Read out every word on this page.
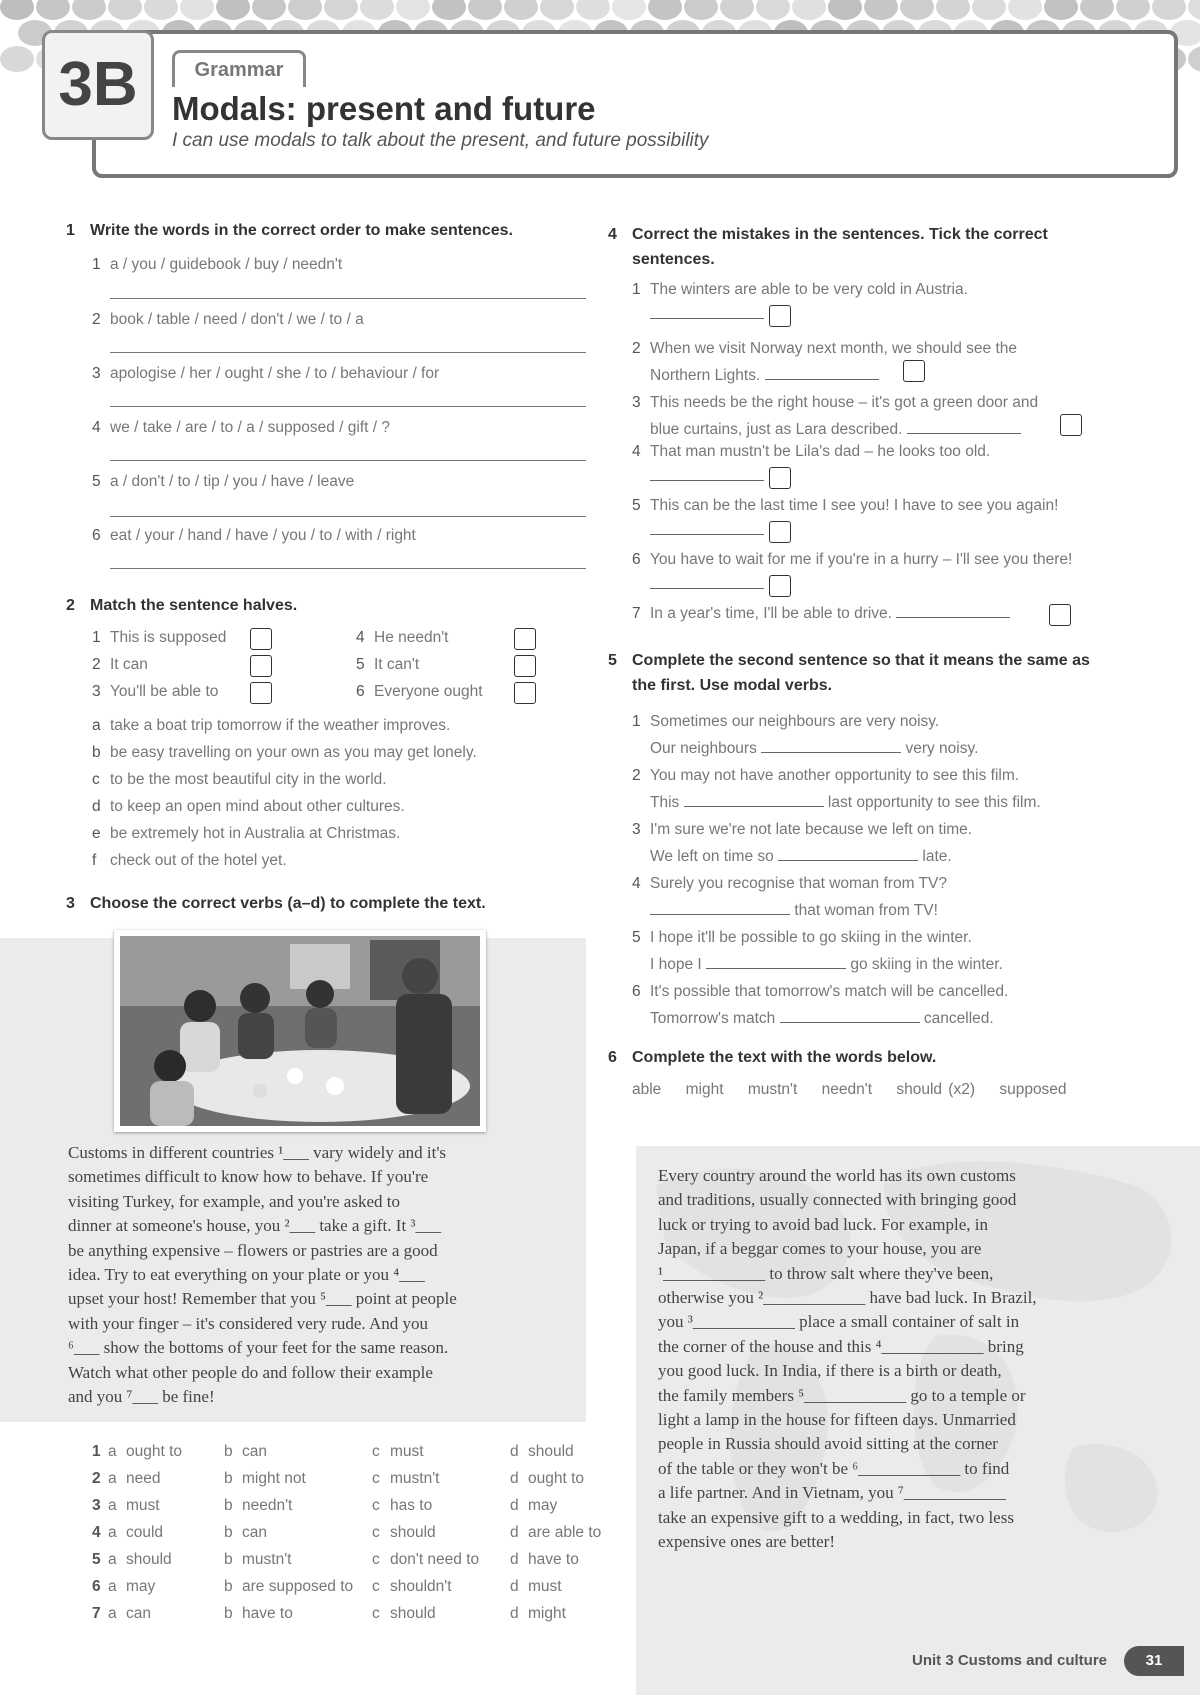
3B	Grammar
Modals: present and future
I can use modals to talk about the present, and future possibility
1 Write the words in the correct order to make sentences.
1 a / you / guidebook / buy / needn't
2 book / table / need / don't / we / to / a
3 apologise / her / ought / she / to / behaviour / for
4 we / take / are / to / a / supposed / gift / ?
5 a / don't / to / tip / you / have / leave
6 eat / your / hand / have / you / to / with / right
2 Match the sentence halves.
1 This is supposed
2 It can
3 You'll be able to
4 He needn't
5 It can't
6 Everyone ought
a take a boat trip tomorrow if the weather improves.
b be easy travelling on your own as you may get lonely.
c to be the most beautiful city in the world.
d to keep an open mind about other cultures.
e be extremely hot in Australia at Christmas.
f check out of the hotel yet.
3 Choose the correct verbs (a–d) to complete the text.
Customs in different countries ¹___ vary widely and it's
sometimes difficult to know how to behave. If you're
visiting Turkey, for example, and you're asked to
dinner at someone's house, you ²___ take a gift. It ³___
be anything expensive – flowers or pastries are a good
idea. Try to eat everything on your plate or you ⁴___
upset your host! Remember that you ⁵___ point at people
with your finger – it's considered very rude. And you
⁶___ show the bottoms of your feet for the same reason.
Watch what other people do and follow their example
and you ⁷___ be fine!
1	a	ought to	b	can	c	must	d	should
2	a	need	b	might not	c	mustn't	d	ought to
3	a	must	b	needn't	c	has to	d	may
4	a	could	b	can	c	should	d	are able to
5	a	should	b	mustn't	c	don't need to	d	have to
6	a	may	b	are supposed to	c	shouldn't	d	must
7	a	can	b	have to	c	should	d	might
4 Correct the mistakes in the sentences. Tick the correct
sentences.
1 The winters are able to be very cold in Austria.
2 When we visit Norway next month, we should see the
Northern Lights.
3 This needs be the right house – it's got a green door and
blue curtains, just as Lara described.
4 That man mustn't be Lila's dad – he looks too old.
5 This can be the last time I see you! I have to see you again!
6 You have to wait for me if you're in a hurry – I'll see you there!
7 In a year's time, I'll be able to drive.
5 Complete the second sentence so that it means the same as
the first. Use modal verbs.
1 Sometimes our neighbours are very noisy.
Our neighbours	very noisy.
2 You may not have another opportunity to see this film.
This	last opportunity to see this film.
3 I'm sure we're not late because we left on time.
We left on time so	late.
4 Surely you recognise that woman from TV?
that woman from TV!
5 I hope it'll be possible to go skiing in the winter.
I hope I	go skiing in the winter.
6 It's possible that tomorrow's match will be cancelled.
Tomorrow's match	cancelled.
6 Complete the text with the words below.
able might mustn't needn't should (x2) supposed
Every country around the world has its own customs
and traditions, usually connected with bringing good
luck or trying to avoid bad luck. For example, in
Japan, if a beggar comes to your house, you are
¹____________ to throw salt where they've been,
otherwise you ²____________ have bad luck. In Brazil,
you ³____________ place a small container of salt in
the corner of the house and this ⁴____________ bring
you good luck. In India, if there is a birth or death,
the family members ⁵____________ go to a temple or
light a lamp in the house for fifteen days. Unmarried
people in Russia should avoid sitting at the corner
of the table or they won't be ⁶____________ to find
a life partner. And in Vietnam, you ⁷____________
take an expensive gift to a wedding, in fact, two less
expensive ones are better!
Unit 3 Customs and culture	31
